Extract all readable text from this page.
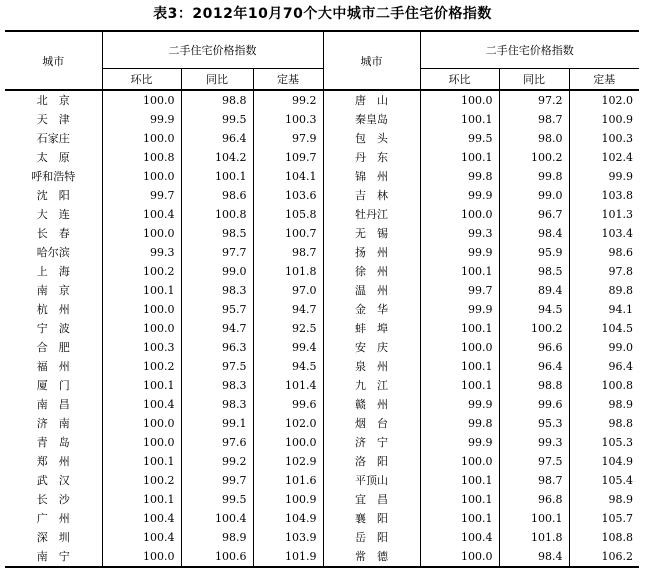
表3：2012年10月70个大中城市二手住宅价格指数
城市	二手住宅价格指数			城市	二手住宅价格指数		
	环比	同比	定基		环比	同比	定基
北　京	100.0	98.8	99.2	唐　山	100.0	97.2	102.0
天　津	99.9	99.5	100.3	秦皇岛	100.1	98.7	100.9
石家庄	100.0	96.4	97.9	包　头	99.5	98.0	100.3
太　原	100.8	104.2	109.7	丹　东	100.1	100.2	102.4
呼和浩特	100.0	100.1	104.1	锦　州	99.8	99.8	99.9
沈　阳	99.7	98.6	103.6	吉　林	99.9	99.0	103.8
大　连	100.4	100.8	105.8	牡丹江	100.0	96.7	101.3
长　春	100.0	98.5	100.7	无　锡	99.3	98.4	103.4
哈尔滨	99.3	97.7	98.7	扬　州	99.9	95.9	98.6
上　海	100.2	99.0	101.8	徐　州	100.1	98.5	97.8
南　京	100.1	98.3	97.0	温　州	99.7	89.4	89.8
杭　州	100.0	95.7	94.7	金　华	99.9	94.5	94.1
宁　波	100.0	94.7	92.5	蚌　埠	100.1	100.2	104.5
合　肥	100.3	96.3	99.4	安　庆	100.0	96.6	99.0
福　州	100.2	97.5	94.5	泉　州	100.1	96.4	96.4
厦　门	100.1	98.3	101.4	九　江	100.1	98.8	100.8
南　昌	100.4	98.3	99.6	赣　州	99.9	99.6	98.9
济　南	100.0	99.1	102.0	烟　台	99.8	95.3	98.8
青　岛	100.0	97.6	100.0	济　宁	99.9	99.3	105.3
郑　州	100.1	99.2	102.9	洛　阳	100.0	97.5	104.9
武　汉	100.2	99.7	101.6	平顶山	100.1	98.7	105.4
长　沙	100.1	99.5	100.9	宜　昌	100.1	96.8	98.9
广　州	100.4	100.4	104.9	襄　阳	100.1	100.1	105.7
深　圳	100.4	98.9	103.9	岳　阳	100.4	101.8	108.8
南　宁	100.0	100.6	101.9	常　德	100.0	98.4	106.2
